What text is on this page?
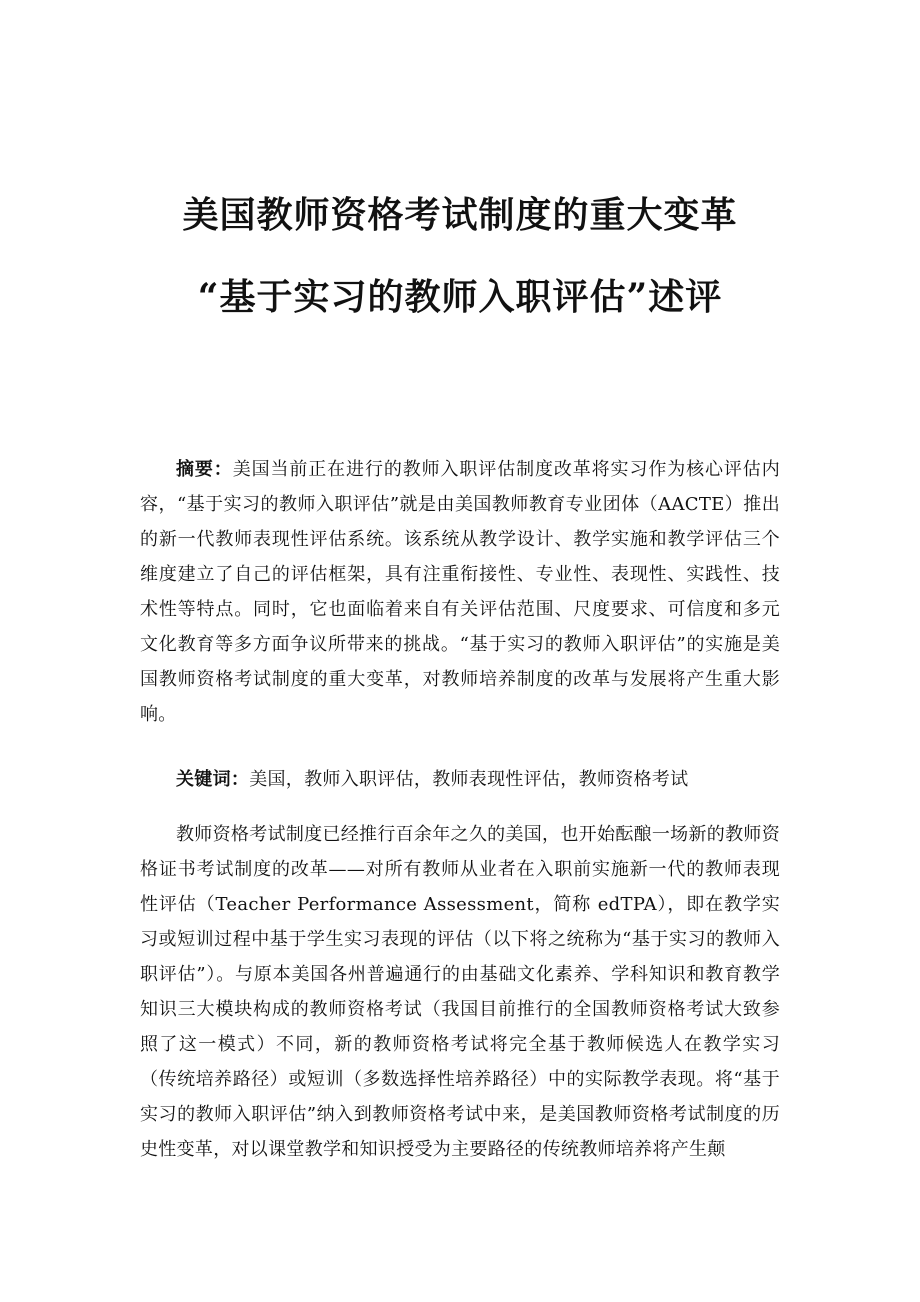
美国教师资格考试制度的重大变革
“基于实习的教师入职评估”述评

摘要：美国当前正在进行的教师入职评估制度改革将实习作为核心评估内容，“基于实习的教师入职评估”就是由美国教师教育专业团体（AACTE）推出的新一代教师表现性评估系统。该系统从教学设计、教学实施和教学评估三个维度建立了自己的评估框架，具有注重衔接性、专业性、表现性、实践性、技术性等特点。同时，它也面临着来自有关评估范围、尺度要求、可信度和多元文化教育等多方面争议所带来的挑战。“基于实习的教师入职评估”的实施是美国教师资格考试制度的重大变革，对教师培养制度的改革与发展将产生重大影响。

关键词：美国，教师入职评估，教师表现性评估，教师资格考试

教师资格考试制度已经推行百余年之久的美国，也开始酝酿一场新的教师资格证书考试制度的改革——对所有教师从业者在入职前实施新一代的教师表现性评估（Teacher Performance Assessment，简称 edTPA），即在教学实习或短训过程中基于学生实习表现的评估（以下将之统称为“基于实习的教师入职评估”）。与原本美国各州普遍通行的由基础文化素养、学科知识和教育教学知识三大模块构成的教师资格考试（我国目前推行的全国教师资格考试大致参照了这一模式）不同，新的教师资格考试将完全基于教师候选人在教学实习（传统培养路径）或短训（多数选择性培养路径）中的实际教学表现。将“基于实习的教师入职评估”纳入到教师资格考试中来，是美国教师资格考试制度的历史性变革，对以课堂教学和知识授受为主要路径的传统教师培养将产生颠
